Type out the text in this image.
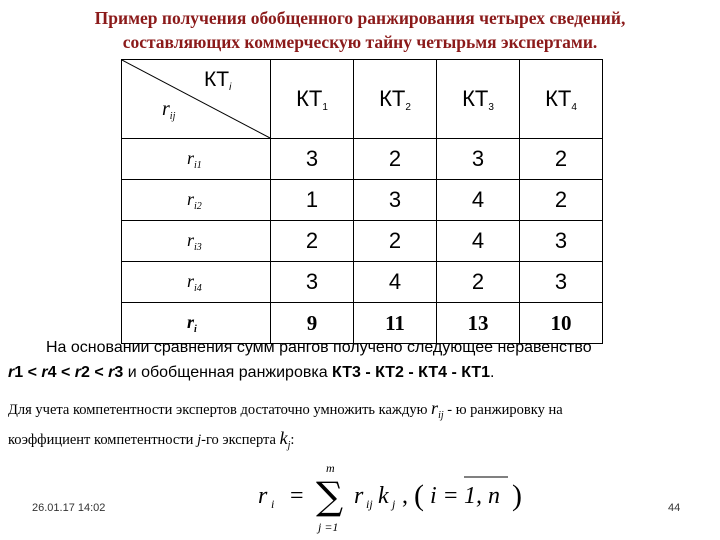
Пример получения обобщенного ранжирования четырех сведений,
составляющих коммерческую тайну четырьмя экспертами.
$КТ_i$
$r_{ij}$	$КТ_1$	$КТ_2$	$КТ_3$	$КТ_4$
$r_{i1}$	3	2	3	2
$r_{i2}$	1	3	4	2
$r_{i3}$	2	2	4	3
$r_{i4}$	3	4	2	3
$r_i$	9	11	13	10
На основании сравнения сумм рангов получено следующее неравенство
r1 < r4 < r2 < r3 и обобщенная ранжировка КТ3 - КТ2 - КТ4 - КТ1.
Для учета компетентности экспертов достаточно умножить каждую $r_{ij}$ - ю ранжировку на
коэффициент компетентности j-го эксперта $k_j$:
r i = ∑
m
j =1
r ij k j , ( i = 1, n )
26.01.17 14:02	44
